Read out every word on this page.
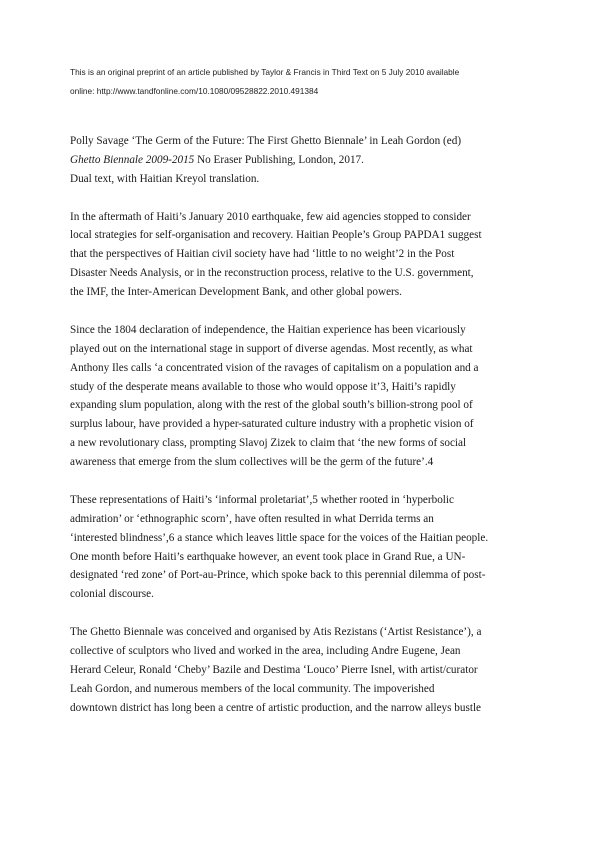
This is an original preprint of an article published by Taylor & Francis in Third Text on 5 July 2010 available
online: http://www.tandfonline.com/10.1080/09528822.2010.491384
Polly Savage ‘The Germ of the Future: The First Ghetto Biennale’ in Leah Gordon (ed)
Ghetto Biennale 2009-2015 No Eraser Publishing, London, 2017.
Dual text, with Haitian Kreyol translation.
In the aftermath of Haiti’s January 2010 earthquake, few aid agencies stopped to consider
local strategies for self-organisation and recovery. Haitian People’s Group PAPDA1 suggest
that the perspectives of Haitian civil society have had ‘little to no weight’2 in the Post
Disaster Needs Analysis, or in the reconstruction process, relative to the U.S. government,
the IMF, the Inter-American Development Bank, and other global powers.
Since the 1804 declaration of independence, the Haitian experience has been vicariously
played out on the international stage in support of diverse agendas. Most recently, as what
Anthony Iles calls ‘a concentrated vision of the ravages of capitalism on a population and a
study of the desperate means available to those who would oppose it’3, Haiti’s rapidly
expanding slum population, along with the rest of the global south’s billion-strong pool of
surplus labour, have provided a hyper-saturated culture industry with a prophetic vision of
a new revolutionary class, prompting Slavoj Zizek to claim that ‘the new forms of social
awareness that emerge from the slum collectives will be the germ of the future’.4
These representations of Haiti’s ‘informal proletariat’,5 whether rooted in ‘hyperbolic
admiration’ or ‘ethnographic scorn’, have often resulted in what Derrida terms an
‘interested blindness’,6 a stance which leaves little space for the voices of the Haitian people.
One month before Haiti’s earthquake however, an event took place in Grand Rue, a UN-
designated ‘red zone’ of Port-au-Prince, which spoke back to this perennial dilemma of post-
colonial discourse.
The Ghetto Biennale was conceived and organised by Atis Rezistans (‘Artist Resistance’), a
collective of sculptors who lived and worked in the area, including Andre Eugene, Jean
Herard Celeur, Ronald ‘Cheby’ Bazile and Destima ‘Louco’ Pierre Isnel, with artist/curator
Leah Gordon, and numerous members of the local community. The impoverished
downtown district has long been a centre of artistic production, and the narrow alleys bustle
